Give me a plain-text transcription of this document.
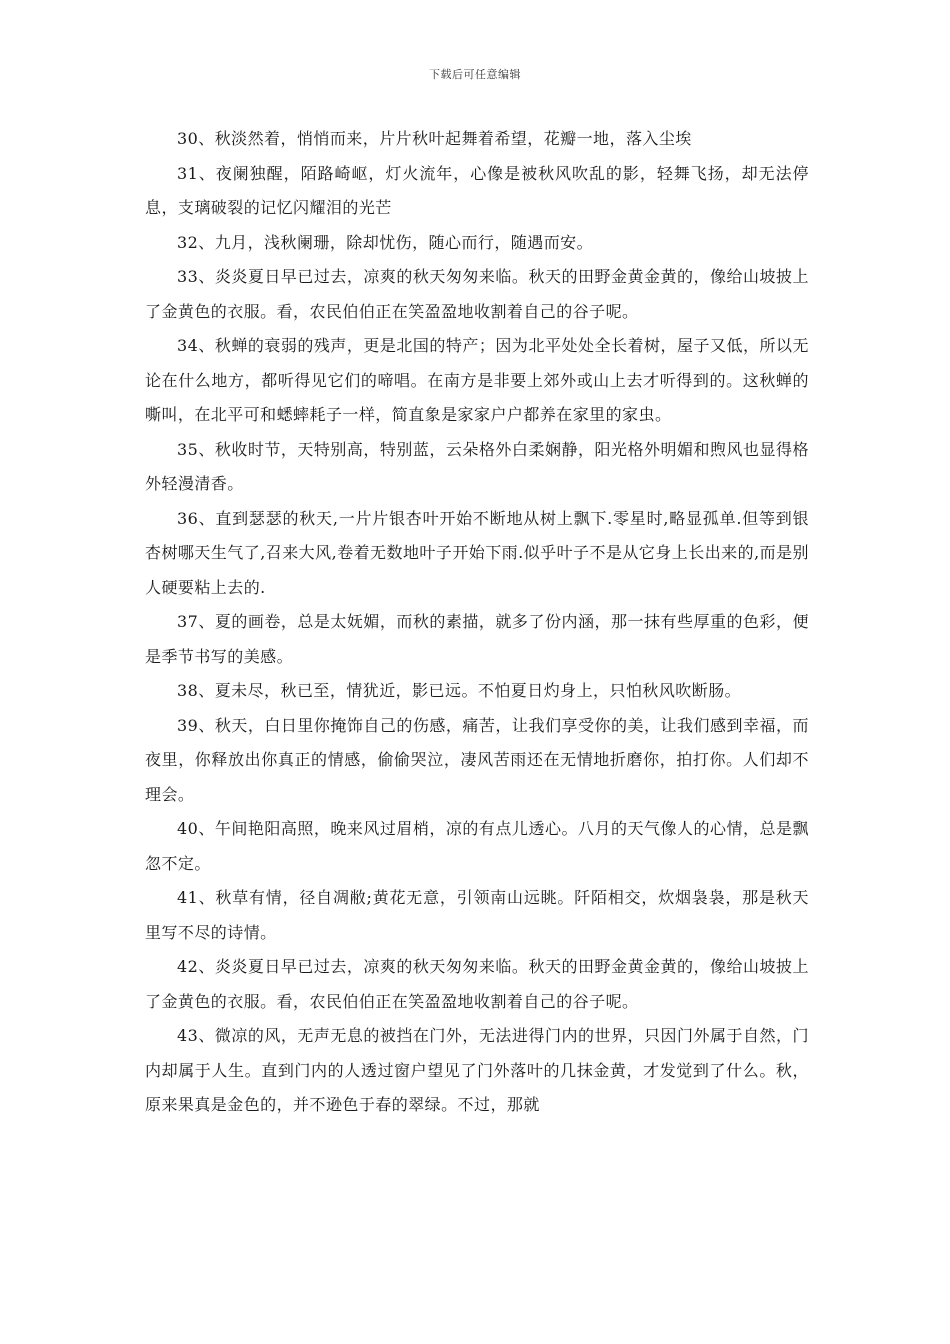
下载后可任意编辑

30、秋淡然着，悄悄而来，片片秋叶起舞着希望，花瓣一地，落入尘埃

31、夜阑独醒，陌路崎岖，灯火流年，心像是被秋风吹乱的影，轻舞飞扬，却无法停息，支璃破裂的记忆闪耀泪的光芒

32、九月，浅秋阑珊，除却忧伤，随心而行，随遇而安。

33、炎炎夏日早已过去，凉爽的秋天匆匆来临。秋天的田野金黄金黄的，像给山坡披上了金黄色的衣服。看，农民伯伯正在笑盈盈地收割着自己的谷子呢。

34、秋蝉的衰弱的残声，更是北国的特产；因为北平处处全长着树，屋子又低，所以无论在什么地方，都听得见它们的啼唱。在南方是非要上郊外或山上去才听得到的。这秋蝉的嘶叫，在北平可和蟋蟀耗子一样，简直象是家家户户都养在家里的家虫。

35、秋收时节，天特别高，特别蓝，云朵格外白柔娴静，阳光格外明媚和煦风也显得格外轻漫清香。

36、直到瑟瑟的秋天,一片片银杏叶开始不断地从树上飘下.零星时,略显孤单.但等到银杏树哪天生气了,召来大风,卷着无数地叶子开始下雨.似乎叶子不是从它身上长出来的,而是别人硬要粘上去的.

37、夏的画卷，总是太妩媚，而秋的素描，就多了份内涵，那一抹有些厚重的色彩，便是季节书写的美感。

38、夏未尽，秋已至，情犹近，影已远。不怕夏日灼身上，只怕秋风吹断肠。

39、秋天，白日里你掩饰自己的伤感，痛苦，让我们享受你的美，让我们感到幸福，而夜里，你释放出你真正的情感，偷偷哭泣，凄风苦雨还在无情地折磨你，拍打你。人们却不理会。

40、午间艳阳高照，晚来风过眉梢，凉的有点儿透心。八月的天气像人的心情，总是飘忽不定。

41、秋草有情，径自凋敝;黄花无意，引领南山远眺。阡陌相交，炊烟袅袅，那是秋天里写不尽的诗情。

42、炎炎夏日早已过去，凉爽的秋天匆匆来临。秋天的田野金黄金黄的，像给山坡披上了金黄色的衣服。看，农民伯伯正在笑盈盈地收割着自己的谷子呢。

43、微凉的风，无声无息的被挡在门外，无法进得门内的世界，只因门外属于自然，门内却属于人生。直到门内的人透过窗户望见了门外落叶的几抹金黄，才发觉到了什么。秋，原来果真是金色的，并不逊色于春的翠绿。不过，那就
